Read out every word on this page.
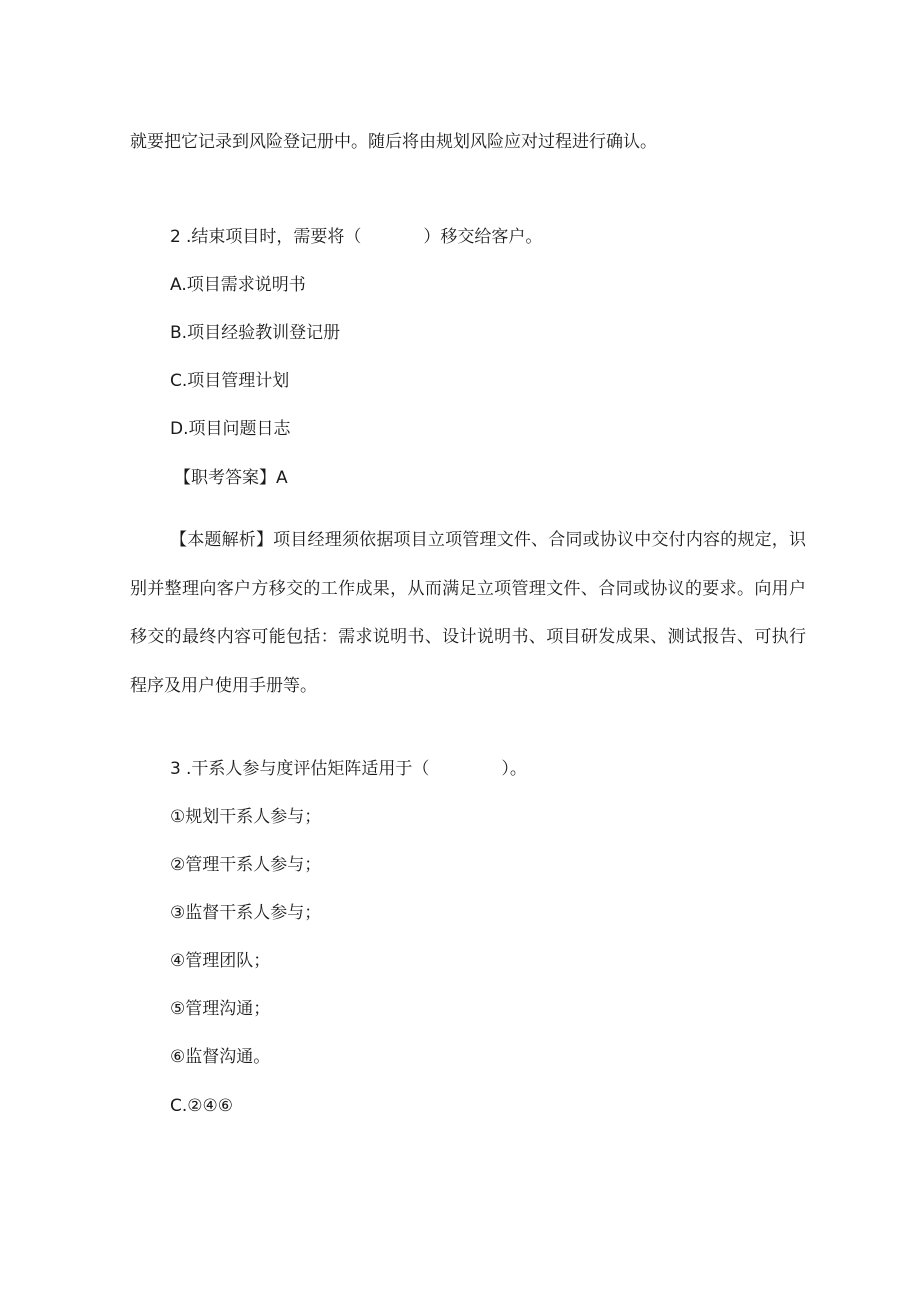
就要把它记录到风险登记册中。随后将由规划风险应对过程进行确认。

2 .结束项目时，需要将（	）移交给客户。

A.项目需求说明书

B.项目经验教训登记册

C.项目管理计划

D.项目问题日志

【职考答案】A

【本题解析】项目经理须依据项目立项管理文件、合同或协议中交付内容的规定，识别并整理向客户方移交的工作成果，从而满足立项管理文件、合同或协议的要求。向用户移交的最终内容可能包括：需求说明书、设计说明书、项目研发成果、测试报告、可执行程序及用户使用手册等。

3 .干系人参与度评估矩阵适用于（	）。

①规划干系人参与；

②管理干系人参与；

③监督干系人参与；

④管理团队；

⑤管理沟通；

⑥监督沟通。

C.②④⑥
